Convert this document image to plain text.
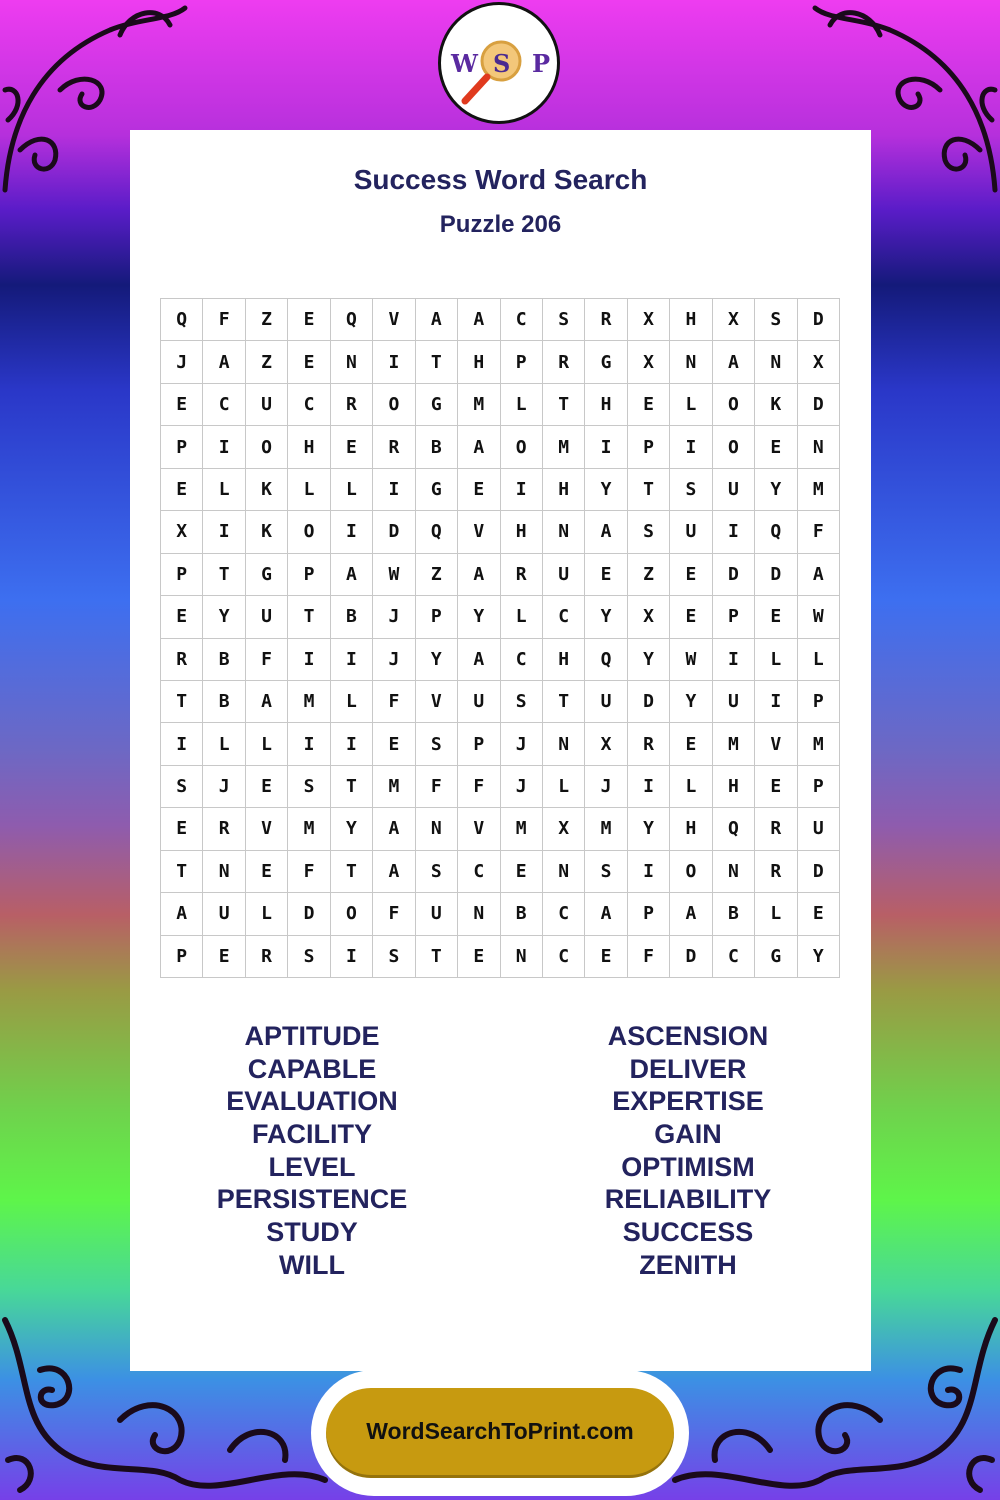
W S P
Success Word Search
Puzzle 206
Q	F	Z	E	Q	V	A	A	C	S	R	X	H	X	S	D
J	A	Z	E	N	I	T	H	P	R	G	X	N	A	N	X
E	C	U	C	R	O	G	M	L	T	H	E	L	O	K	D
P	I	O	H	E	R	B	A	O	M	I	P	I	O	E	N
E	L	K	L	L	I	G	E	I	H	Y	T	S	U	Y	M
X	I	K	O	I	D	Q	V	H	N	A	S	U	I	Q	F
P	T	G	P	A	W	Z	A	R	U	E	Z	E	D	D	A
E	Y	U	T	B	J	P	Y	L	C	Y	X	E	P	E	W
R	B	F	I	I	J	Y	A	C	H	Q	Y	W	I	L	L
T	B	A	M	L	F	V	U	S	T	U	D	Y	U	I	P
I	L	L	I	I	E	S	P	J	N	X	R	E	M	V	M
S	J	E	S	T	M	F	F	J	L	J	I	L	H	E	P
E	R	V	M	Y	A	N	V	M	X	M	Y	H	Q	R	U
T	N	E	F	T	A	S	C	E	N	S	I	O	N	R	D
A	U	L	D	O	F	U	N	B	C	A	P	A	B	L	E
P	E	R	S	I	S	T	E	N	C	E	F	D	C	G	Y
APTITUDE
CAPABLE
EVALUATION
FACILITY
LEVEL
PERSISTENCE
STUDY
WILL
ASCENSION
DELIVER
EXPERTISE
GAIN
OPTIMISM
RELIABILITY
SUCCESS
ZENITH
WordSearchToPrint.com
